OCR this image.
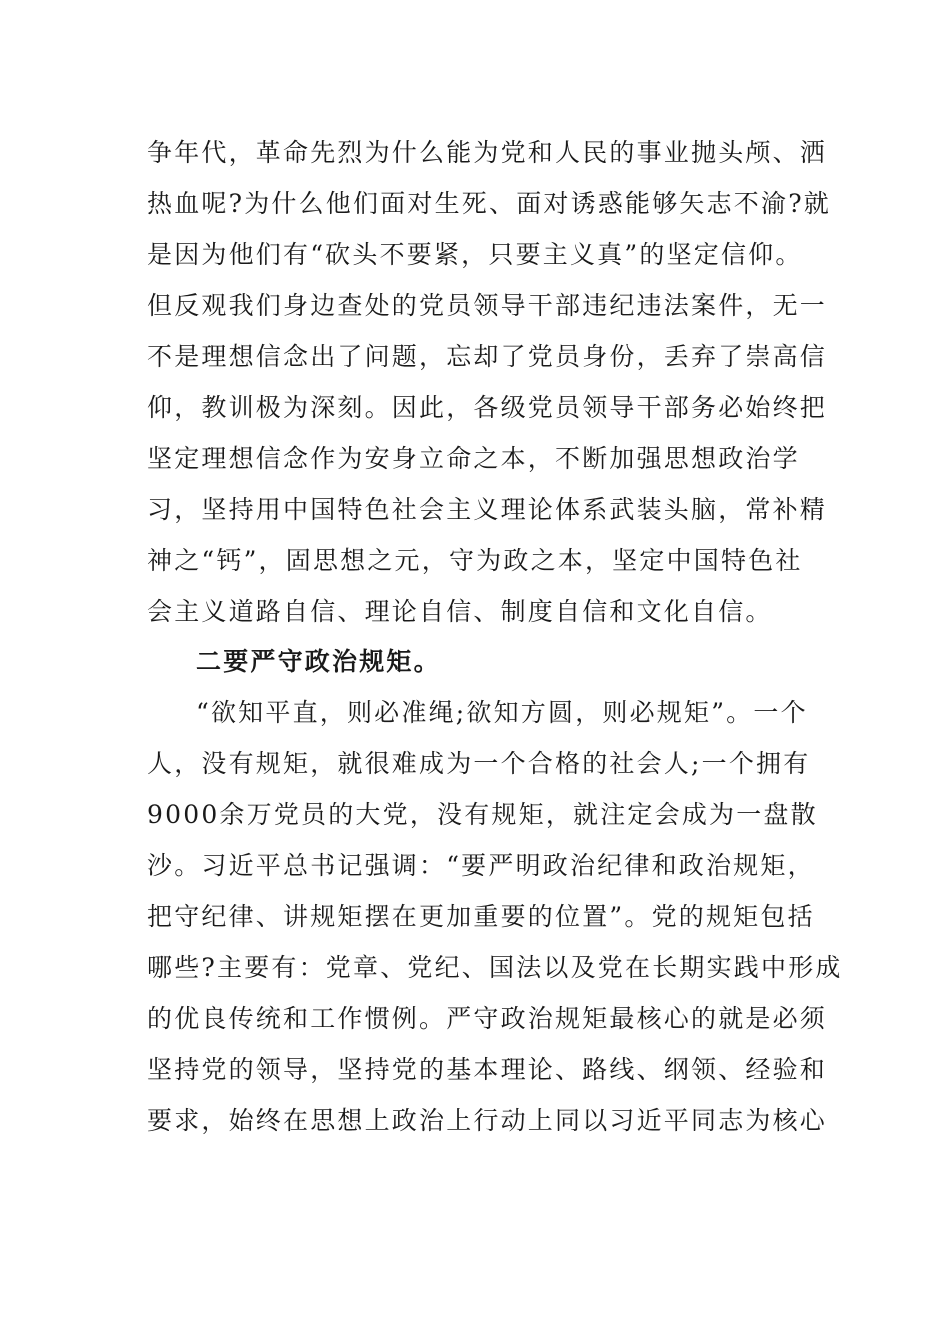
争年代，革命先烈为什么能为党和人民的事业抛头颅、洒
热血呢?为什么他们面对生死、面对诱惑能够矢志不渝?就
是因为他们有“砍头不要紧，只要主义真”的坚定信仰。
但反观我们身边查处的党员领导干部违纪违法案件，无一
不是理想信念出了问题，忘却了党员身份，丢弃了崇高信
仰，教训极为深刻。因此，各级党员领导干部务必始终把
坚定理想信念作为安身立命之本，不断加强思想政治学
习，坚持用中国特色社会主义理论体系武装头脑，常补精
神之“钙”，固思想之元，守为政之本，坚定中国特色社
会主义道路自信、理论自信、制度自信和文化自信。
二要严守政治规矩。
“欲知平直，则必准绳;欲知方圆，则必规矩”。一个
人，没有规矩，就很难成为一个合格的社会人;一个拥有
9000余万党员的大党，没有规矩，就注定会成为一盘散
沙。习近平总书记强调：“要严明政治纪律和政治规矩，
把守纪律、讲规矩摆在更加重要的位置”。党的规矩包括
哪些?主要有：党章、党纪、国法以及党在长期实践中形成
的优良传统和工作惯例。严守政治规矩最核心的就是必须
坚持党的领导，坚持党的基本理论、路线、纲领、经验和
要求，始终在思想上政治上行动上同以习近平同志为核心
